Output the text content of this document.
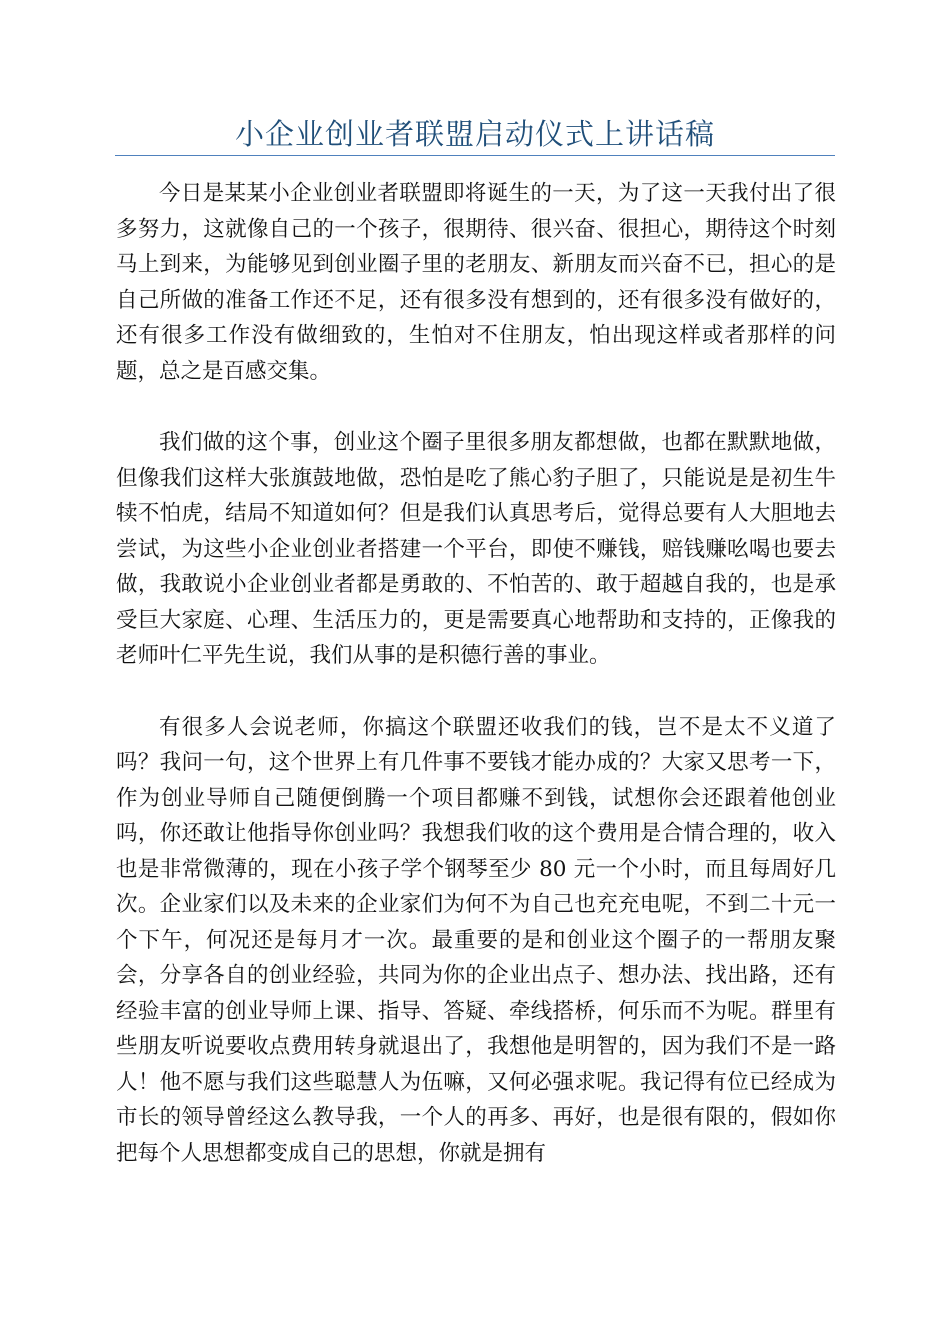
小企业创业者联盟启动仪式上讲话稿

今日是某某小企业创业者联盟即将诞生的一天，为了这一天我付出了很多努力，这就像自己的一个孩子，很期待、很兴奋、很担心，期待这个时刻马上到来，为能够见到创业圈子里的老朋友、新朋友而兴奋不已，担心的是自己所做的准备工作还不足，还有很多没有想到的，还有很多没有做好的，还有很多工作没有做细致的，生怕对不住朋友，怕出现这样或者那样的问题，总之是百感交集。

我们做的这个事，创业这个圈子里很多朋友都想做，也都在默默地做，但像我们这样大张旗鼓地做，恐怕是吃了熊心豹子胆了，只能说是是初生牛犊不怕虎，结局不知道如何？但是我们认真思考后，觉得总要有人大胆地去尝试，为这些小企业创业者搭建一个平台，即使不赚钱，赔钱赚吆喝也要去做，我敢说小企业创业者都是勇敢的、不怕苦的、敢于超越自我的，也是承受巨大家庭、心理、生活压力的，更是需要真心地帮助和支持的，正像我的老师叶仁平先生说，我们从事的是积德行善的事业。

有很多人会说老师，你搞这个联盟还收我们的钱，岂不是太不义道了吗？我问一句，这个世界上有几件事不要钱才能办成的？大家又思考一下，作为创业导师自己随便倒腾一个项目都赚不到钱，试想你会还跟着他创业吗，你还敢让他指导你创业吗？我想我们收的这个费用是合情合理的，收入也是非常微薄的，现在小孩子学个钢琴至少 80 元一个小时，而且每周好几次。企业家们以及未来的企业家们为何不为自己也充充电呢，不到二十元一个下午，何况还是每月才一次。最重要的是和创业这个圈子的一帮朋友聚会，分享各自的创业经验，共同为你的企业出点子、想办法、找出路，还有经验丰富的创业导师上课、指导、答疑、牵线搭桥，何乐而不为呢。群里有些朋友听说要收点费用转身就退出了，我想他是明智的，因为我们不是一路人！他不愿与我们这些聪慧人为伍嘛，又何必强求呢。我记得有位已经成为市长的领导曾经这么教导我，一个人的再多、再好，也是很有限的，假如你把每个人思想都变成自己的思想，你就是拥有
